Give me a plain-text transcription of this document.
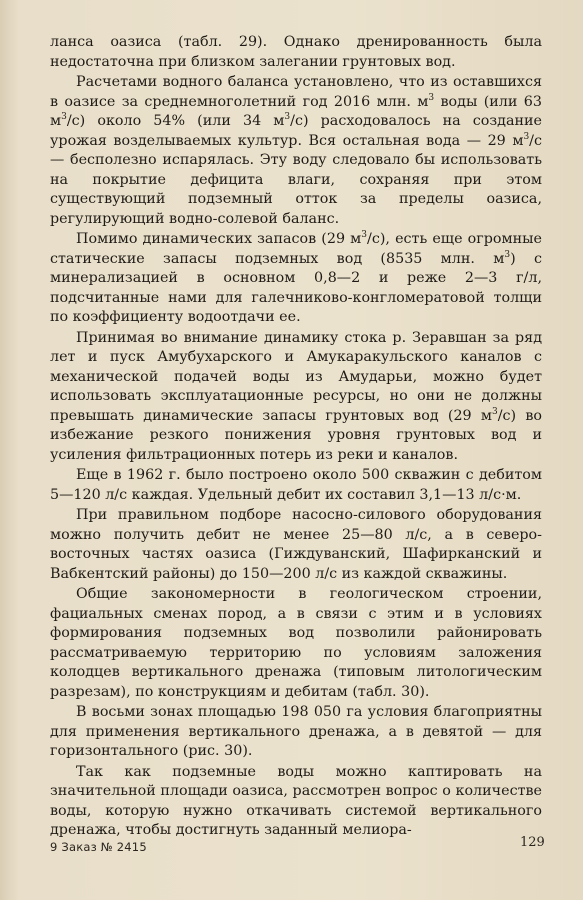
ланса оазиса (табл. 29). Однако дренированность была недостаточна при близком залегании грунтовых вод.

Расчетами водного баланса установлено, что из оставшихся в оазисе за среднемноголетний год 2016 млн. $м^3$ воды (или 63 $м^3/с$) около 54% (или 34 $м^3/с$) расходовалось на создание урожая возделываемых культур. Вся остальная вода — 29 $м^3/с$ — бесполезно испарялась. Эту воду следовало бы использовать на покрытие дефицита влаги, сохраняя при этом существующий подземный отток за пределы оазиса, регулирующий водно-солевой баланс.

Помимо динамических запасов (29 $м^3/с$), есть еще огромные статические запасы подземных вод (8535 млн. $м^3$) с минерализацией в основном 0,8—2 и реже 2—3 г/л, подсчитанные нами для галечниково-конгломератовой толщи по коэффициенту водоотдачи ее.

Принимая во внимание динамику стока р. Зеравшан за ряд лет и пуск Амубухарского и Амукаракульского каналов с механической подачей воды из Амударьи, можно будет использовать эксплуатационные ресурсы, но они не должны превышать динамические запасы грунтовых вод (29 $м^3/с$) во избежание резкого понижения уровня грунтовых вод и усиления фильтрационных потерь из реки и каналов.

Еще в 1962 г. было построено около 500 скважин с дебитом 5—120 л/с каждая. Удельный дебит их составил 3,1—13 л/с·м.

При правильном подборе насосно-силового оборудования можно получить дебит не менее 25—80 л/с, а в северо-восточных частях оазиса (Гиждуванский, Шафирканский и Вабкентский районы) до 150—200 л/с из каждой скважины.

Общие закономерности в геологическом строении, фациальных сменах пород, а в связи с этим и в условиях формирования подземных вод позволили районировать рассматриваемую территорию по условиям заложения колодцев вертикального дренажа (типовым литологическим разрезам), по конструкциям и дебитам (табл. 30).

В восьми зонах площадью 198 050 га условия благоприятны для применения вертикального дренажа, а в девятой — для горизонтального (рис. 30).

Так как подземные воды можно каптировать на значительной площади оазиса, рассмотрен вопрос о количестве воды, которую нужно откачивать системой вертикального дренажа, чтобы достигнуть заданный мелиора-

9 Заказ № 2415	129
